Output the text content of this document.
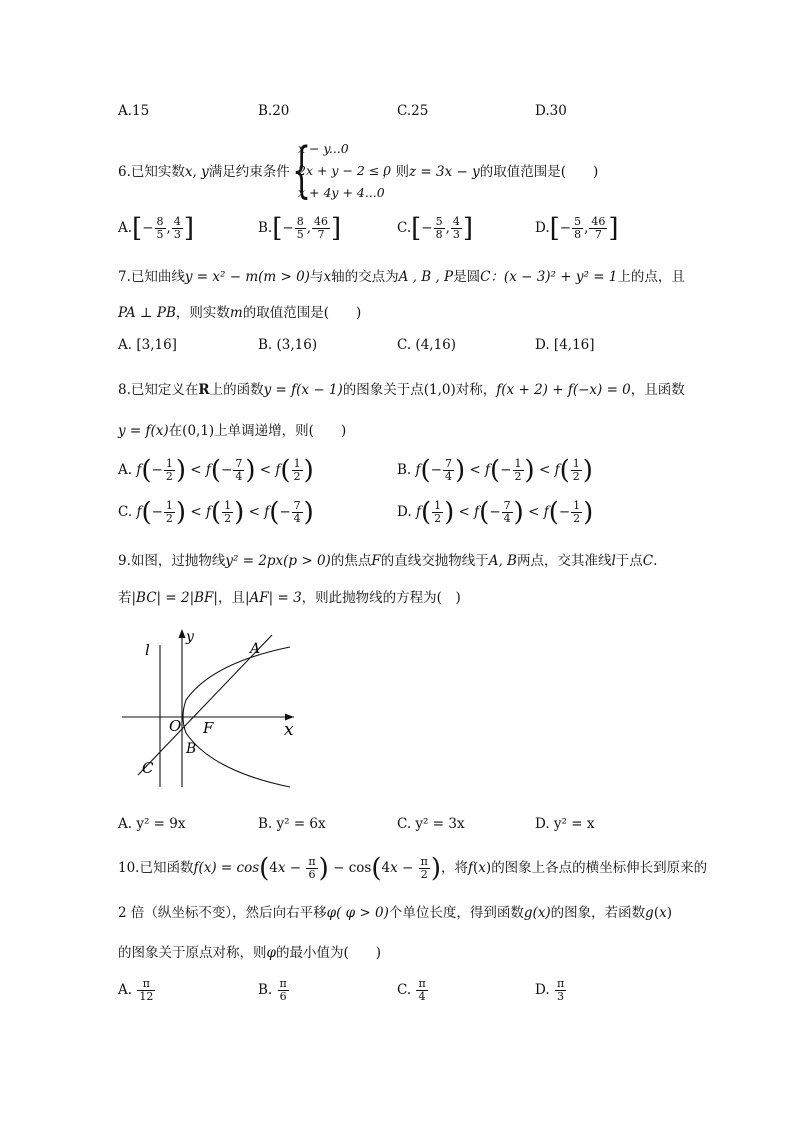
A.15	B.20	C.25	D.30
6.已知实数x, y满足约束条件 {
x − y...0
2x + y − 2 ≤ 0
x + 4y + 4...0
，则z = 3x − y的取值范围是(　　)
$A.[- \frac{8}{5}$ , $\frac{4}{3}$ ]	$B.[- \frac{8}{5}$ , $\frac{46}{7}$ ]	$C.[- \frac{5}{8}$ , $\frac{4}{3}$ ]	$D.[- \frac{5}{8}$ , $\frac{46}{7}$ ]
7.已知曲线y = x² − m(m > 0)与x轴的交点为A , B , P是圆C：(x − 3)² + y² = 1上的点，且
PA ⊥ PB，则实数m的取值范围是(　　)
A. [3,16]	B. (3,16)	C. (4,16)	D. [4,16]
8.已知定义在R上的函数y = f(x − 1)的图象关于点(1,0)对称，f(x + 2) + f(−x) = 0，且函数
y = f(x)在(0,1)上单调递增，则(　　)
A. $f(- \frac{1}{2}$ ) < $f(- \frac{7}{4}$ ) < $f( \frac{1}{2}$ )	B. $f(- \frac{7}{4}$ ) < $f(- \frac{1}{2}$ ) < $f( \frac{1}{2}$ )
C. $f(- \frac{1}{2}$ ) < $f( \frac{1}{2}$ ) < $f(- \frac{7}{4}$ )	D. $f( \frac{1}{2}$ ) < $f(- \frac{7}{4}$ ) < $f(- \frac{1}{2}$ )
9.如图，过抛物线y² = 2px(p > 0)的焦点F的直线交抛物线于A, B两点，交其准线l于点C.
若|BC| = 2|BF|，且|AF| = 3，则此抛物线的方程为(　)
l
y
A
O F	x
B
C
A. y² = 9x	B. y² = 6x	C. y² = 3x	D. y² = x
10.已知函数$f(x) = \cos(4x - \frac{\pi}{6}$ ) − $\cos(4x - \frac{\pi}{2}$ )，将f(x)的图象上各点的横坐标伸长到原来的
2 倍（纵坐标不变），然后向右平移φ( φ > 0)个单位长度，得到函数g(x)的图象，若函数g(x)
的图象关于原点对称，则φ的最小值为(　　)
A. $\frac{\pi}{12}$	B. $\frac{\pi}{6}$	C. $\frac{\pi}{4}$	D. $\frac{\pi}{3}$
